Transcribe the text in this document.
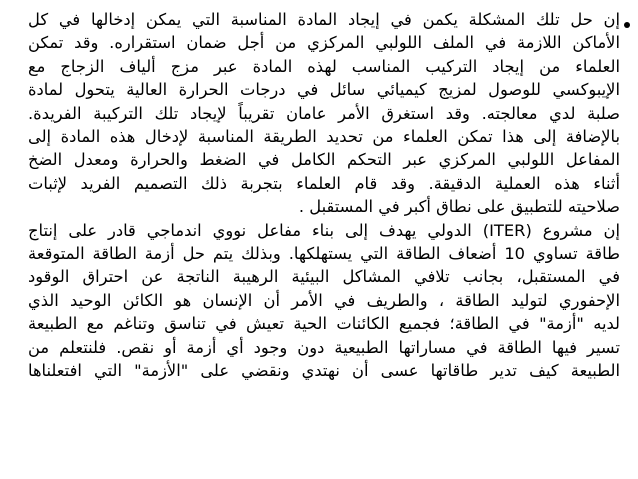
إن حل تلك المشكلة يكمن في إيجاد المادة المناسبة التي يمكن إدخالها في كل
الأماكن اللازمة في الملف اللولبي المركزي من أجل ضمان استقراره. وقد تمكن
العلماء من إيجاد التركيب المناسب لهذه المادة عبر مزج ألياف الزجاج مع
الإيبوكسي للوصول لمزيج كيميائي سائل في درجات الحرارة العالية يتحول لمادة
صلبة لدي معالجته. وقد استغرق الأمر عامان تقريباً لإيجاد تلك التركيبة الفريدة.
بالإضافة إلى هذا تمكن العلماء من تحديد الطريقة المناسبة لإدخال هذه المادة إلى
المفاعل اللولبي المركزي عبر التحكم الكامل في الضغط والحرارة ومعدل الضخ
أثناء هذه العملية الدقيقة. وقد قام العلماء بتجربة ذلك التصميم الفريد لإثبات
صلاحيته للتطبيق على نطاق أكبر في المستقبل .
إن مشروع (ITER) الدولي يهدف إلى بناء مفاعل نووي اندماجي قادر على إنتاج
طاقة تساوي 10 أضعاف الطاقة التي يستهلكها. وبذلك يتم حل أزمة الطاقة المتوقعة
في المستقبل، بجانب تلافي المشاكل البيئية الرهيبة الناتجة عن احتراق الوقود
الإحفوري لتوليد الطاقة ، والطريف في الأمر أن الإنسان هو الكائن الوحيد الذي
لديه "أزمة" في الطاقة؛ فجميع الكائنات الحية تعيش في تناسق وتناغم مع الطبيعة
تسير فيها الطاقة في مساراتها الطبيعية دون وجود أي أزمة أو نقص. فلنتعلم من
الطبيعة كيف تدير طاقاتها عسى أن نهتدي ونقضي على "الأزمة" التي افتعلناها
